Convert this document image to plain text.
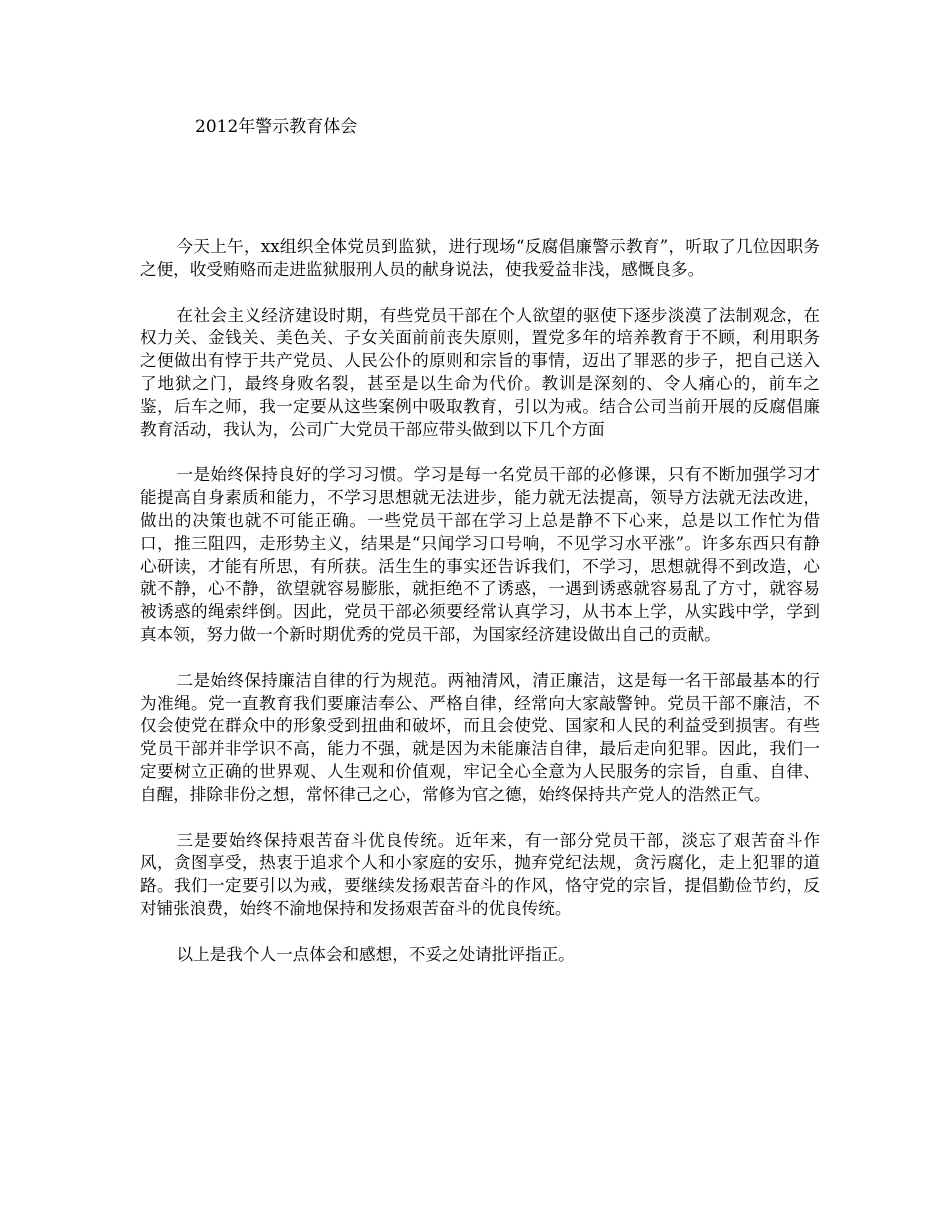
2012年警示教育体会

今天上午，xx组织全体党员到监狱，进行现场“反腐倡廉警示教育”，听取了几位因职务之便，收受贿赂而走进监狱服刑人员的献身说法，使我爱益非浅，感慨良多。

在社会主义经济建设时期，有些党员干部在个人欲望的驱使下逐步淡漠了法制观念，在权力关、金钱关、美色关、子女关面前前丧失原则，置党多年的培养教育于不顾，利用职务之便做出有悖于共产党员、人民公仆的原则和宗旨的事情，迈出了罪恶的步子，把自己送入了地狱之门，最终身败名裂，甚至是以生命为代价。教训是深刻的、令人痛心的，前车之鉴，后车之师，我一定要从这些案例中吸取教育，引以为戒。结合公司当前开展的反腐倡廉教育活动，我认为，公司广大党员干部应带头做到以下几个方面

一是始终保持良好的学习习惯。学习是每一名党员干部的必修课，只有不断加强学习才能提高自身素质和能力，不学习思想就无法进步，能力就无法提高，领导方法就无法改进，做出的决策也就不可能正确。一些党员干部在学习上总是静不下心来，总是以工作忙为借口，推三阻四，走形势主义，结果是“只闻学习口号响，不见学习水平涨”。许多东西只有静心研读，才能有所思，有所获。活生生的事实还告诉我们，不学习，思想就得不到改造，心就不静，心不静，欲望就容易膨胀，就拒绝不了诱惑，一遇到诱惑就容易乱了方寸，就容易被诱惑的绳索绊倒。因此，党员干部必须要经常认真学习，从书本上学，从实践中学，学到真本领，努力做一个新时期优秀的党员干部，为国家经济建设做出自己的贡献。

二是始终保持廉洁自律的行为规范。两袖清风，清正廉洁，这是每一名干部最基本的行为准绳。党一直教育我们要廉洁奉公、严格自律，经常向大家敲警钟。党员干部不廉洁，不仅会使党在群众中的形象受到扭曲和破坏，而且会使党、国家和人民的利益受到损害。有些党员干部并非学识不高，能力不强，就是因为未能廉洁自律，最后走向犯罪。因此，我们一定要树立正确的世界观、人生观和价值观，牢记全心全意为人民服务的宗旨，自重、自律、自醒，排除非份之想，常怀律己之心，常修为官之德，始终保持共产党人的浩然正气。

三是要始终保持艰苦奋斗优良传统。近年来，有一部分党员干部，淡忘了艰苦奋斗作风，贪图享受，热衷于追求个人和小家庭的安乐，抛弃党纪法规，贪污腐化，走上犯罪的道路。我们一定要引以为戒，要继续发扬艰苦奋斗的作风，恪守党的宗旨，提倡勤俭节约，反对铺张浪费，始终不渝地保持和发扬艰苦奋斗的优良传统。

以上是我个人一点体会和感想，不妥之处请批评指正。
